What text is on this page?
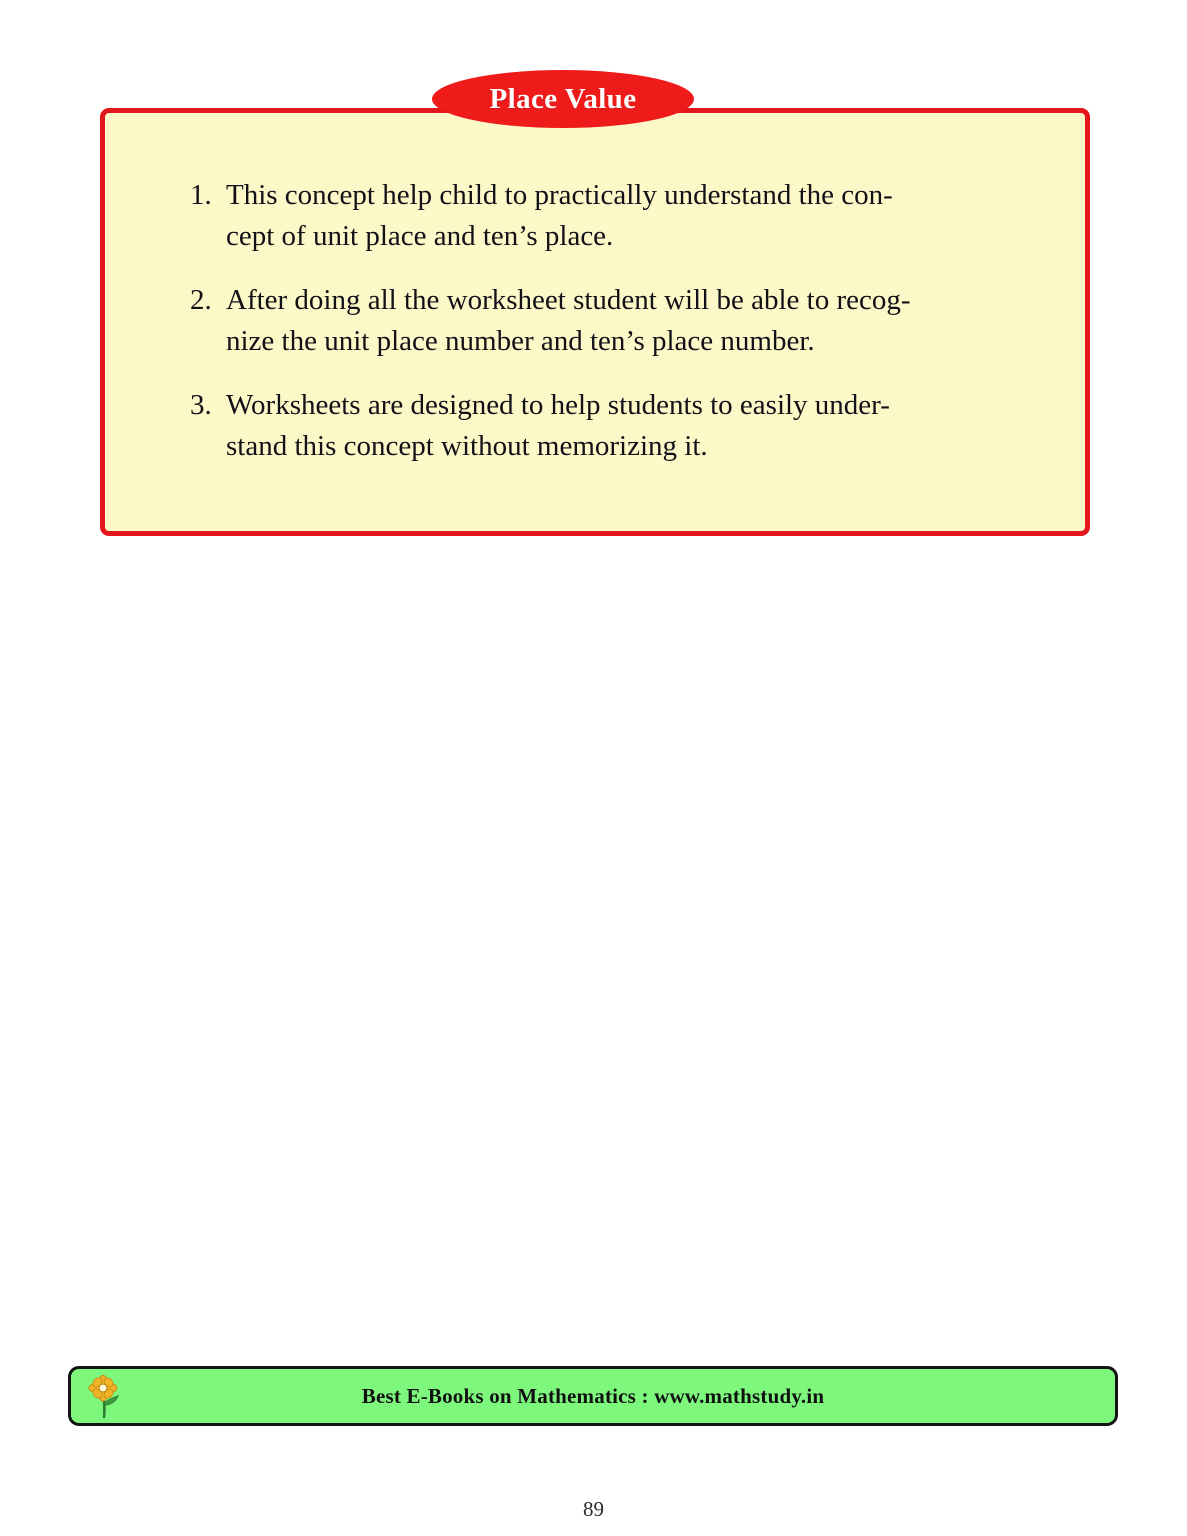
1. This concept help child to practically understand the con-
cept of unit place and ten’s place.
2. After doing all the worksheet student will be able to recog-
nize the unit place number and ten’s place number.
3. Worksheets are designed to help students to easily under-
stand this concept without memorizing it.
Place Value
Best E-Books on Mathematics : www.mathstudy.in
89
